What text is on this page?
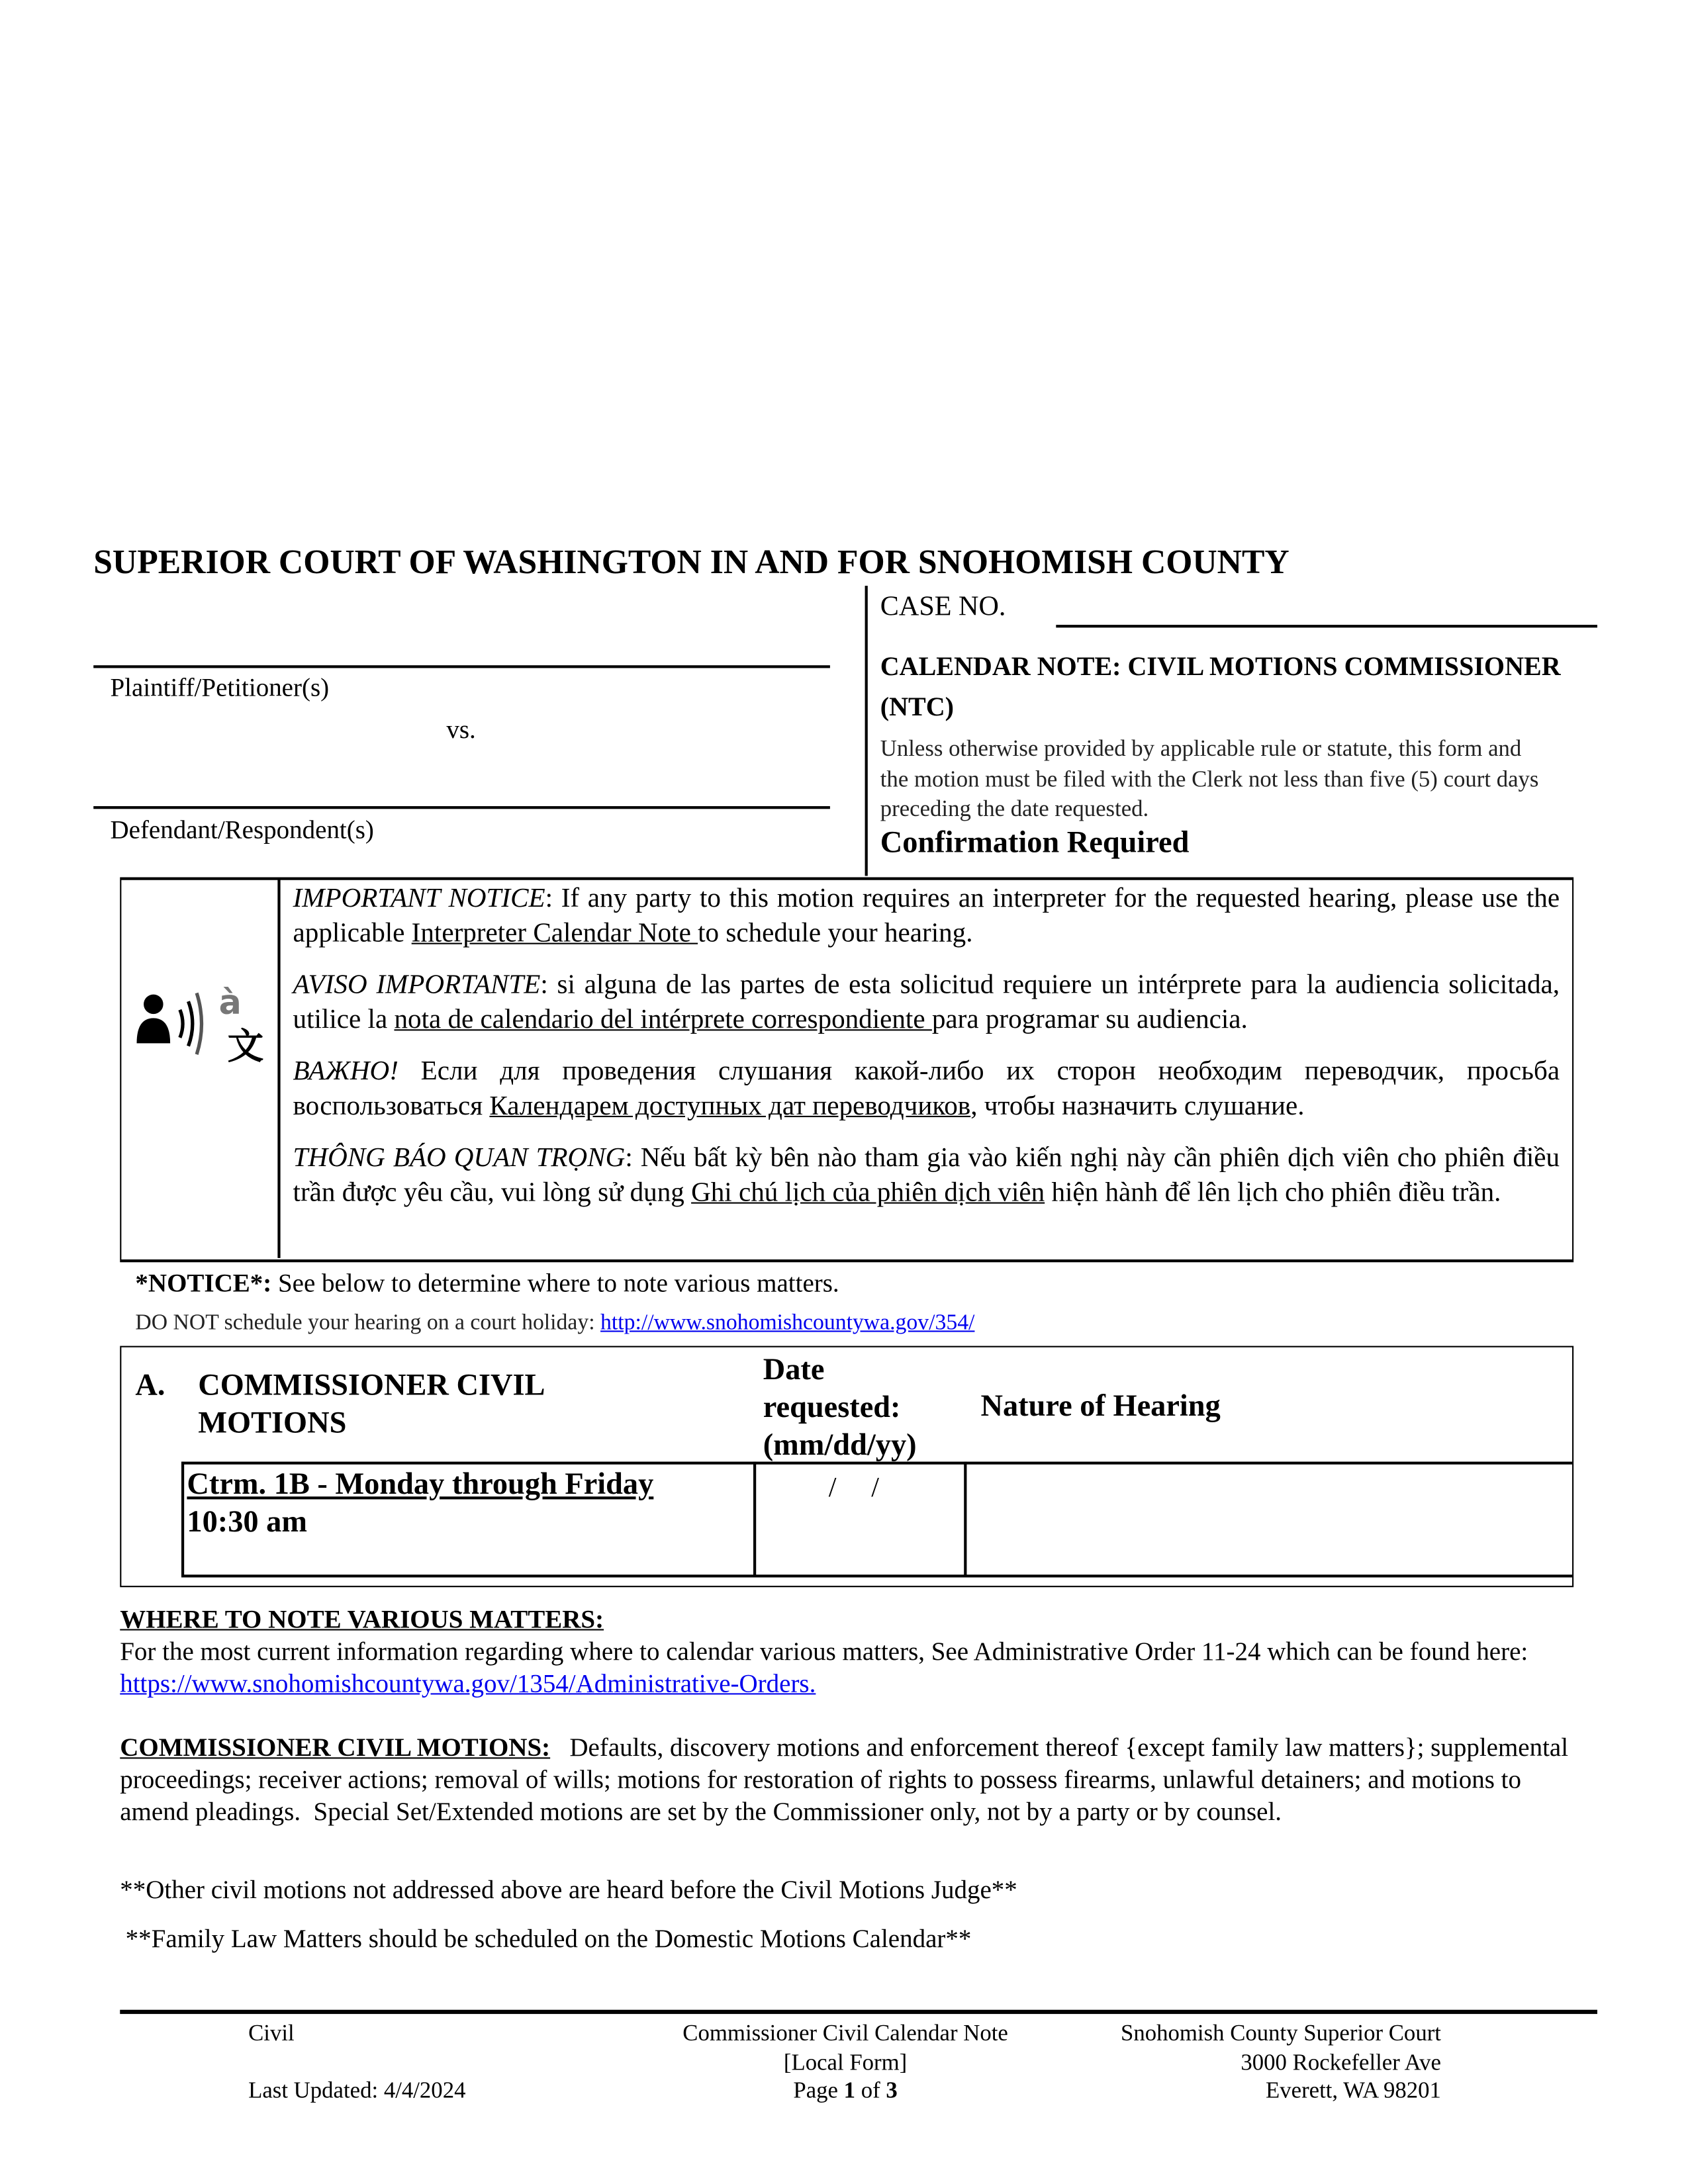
SUPERIOR COURT OF WASHINGTON IN AND FOR SNOHOMISH COUNTY
Plaintiff/Petitioner(s)
vs.
Defendant/Respondent(s)
CASE NO.
CALENDAR NOTE: CIVIL MOTIONS COMMISSIONER
(NTC)
Unless otherwise provided by applicable rule or statute, this form and the motion must be filed with the Clerk not less than five (5) court days preceding the date requested.
Confirmation Required
à
文
IMPORTANT NOTICE: If any party to this motion requires an interpreter for the requested hearing, please use the applicable Interpreter Calendar Note to schedule your hearing.
AVISO IMPORTANTE: si alguna de las partes de esta solicitud requiere un intérprete para la audiencia solicitada, utilice la nota de calendario del intérprete correspondiente para programar su audiencia.
ВАЖНО! Если для проведения слушания какой-либо их сторон необходим переводчик, просьба воспользоваться Календарем доступных дат переводчиков, чтобы назначить слушание.
THÔNG BÁO QUAN TRỌNG: Nếu bất kỳ bên nào tham gia vào kiến nghị này cần phiên dịch viên cho phiên điều trần được yêu cầu, vui lòng sử dụng Ghi chú lịch của phiên dịch viên hiện hành để lên lịch cho phiên điều trần.
*NOTICE*: See below to determine where to note various matters.
DO NOT schedule your hearing on a court holiday: http://www.snohomishcountywa.gov/354/
A. COMMISSIONER CIVIL
MOTIONS
Date
requested:
(mm/dd/yy)
Nature of Hearing
Ctrm. 1B - Monday through Friday
10:30 am
/     /
WHERE TO NOTE VARIOUS MATTERS:
For the most current information regarding where to calendar various matters, See Administrative Order 11-24 which can be found here: https://www.snohomishcountywa.gov/1354/Administrative-Orders.
COMMISSIONER CIVIL MOTIONS:   Defaults, discovery motions and enforcement thereof {except family law matters}; supplemental proceedings; receiver actions; removal of wills; motions for restoration of rights to possess firearms, unlawful detainers; and motions to amend pleadings.  Special Set/Extended motions are set by the Commissioner only, not by a party or by counsel.
**Other civil motions not addressed above are heard before the Civil Motions Judge**
**Family Law Matters should be scheduled on the Domestic Motions Calendar**
Civil
Last Updated: 4/4/2024
Commissioner Civil Calendar Note
[Local Form]
Page 1 of 3
Snohomish County Superior Court
3000 Rockefeller Ave
Everett, WA 98201
